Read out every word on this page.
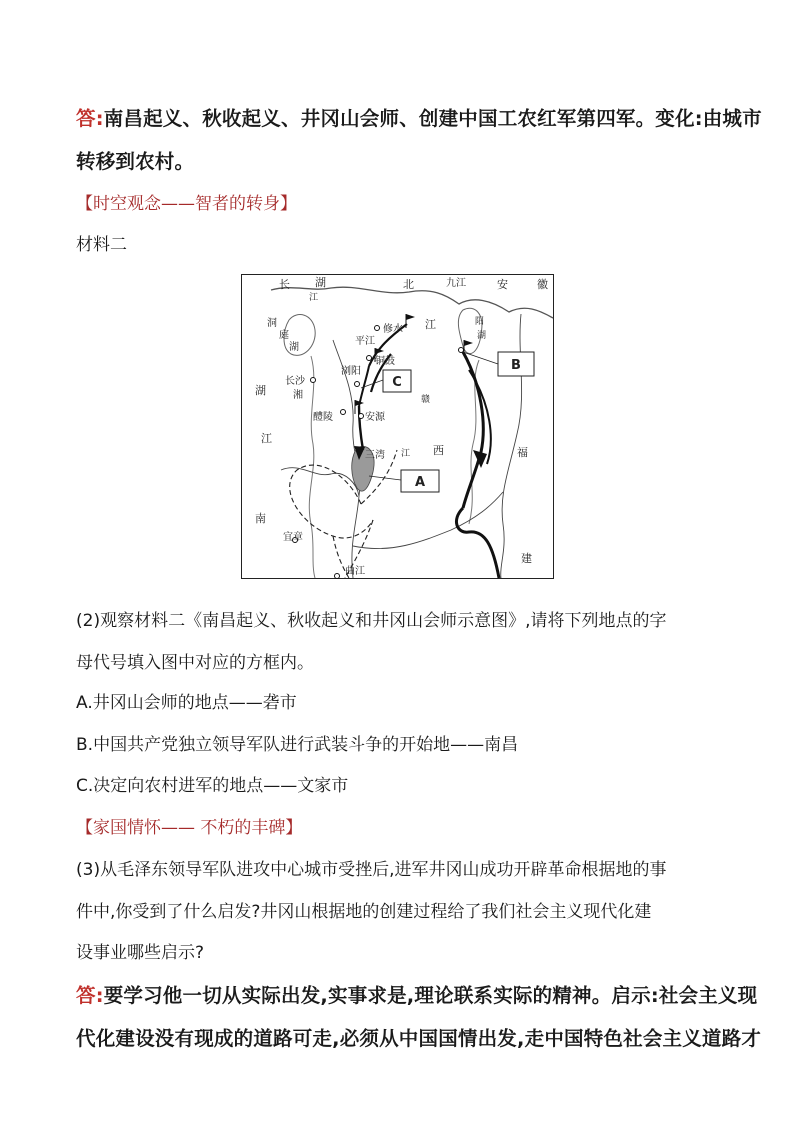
答:南昌起义、秋收起义、井冈山会师、创建中国工农红军第四军。变化:由城市
转移到农村。
【时空观念——智者的转身】
材料二
C
A
B
长 湖	北	九江	安	徽
江
洞
庭
湖
修水 江
平江
铜鼓
浏阳
长沙
湘
湖
醴陵	安源
赣
三湾 江 西	福
江
南
宜章
曲江
建
阳
湖
(2)观察材料二《南昌起义、秋收起义和井冈山会师示意图》,请将下列地点的字
母代号填入图中对应的方框内。
A.井冈山会师的地点——砻市
B.中国共产党独立领导军队进行武装斗争的开始地——南昌
C.决定向农村进军的地点——文家市
【家国情怀—— 不朽的丰碑】
(3)从毛泽东领导军队进攻中心城市受挫后,进军井冈山成功开辟革命根据地的事
件中,你受到了什么启发?井冈山根据地的创建过程给了我们社会主义现代化建
设事业哪些启示?
答:要学习他一切从实际出发,实事求是,理论联系实际的精神。启示:社会主义现
代化建设没有现成的道路可走,必须从中国国情出发,走中国特色社会主义道路才
